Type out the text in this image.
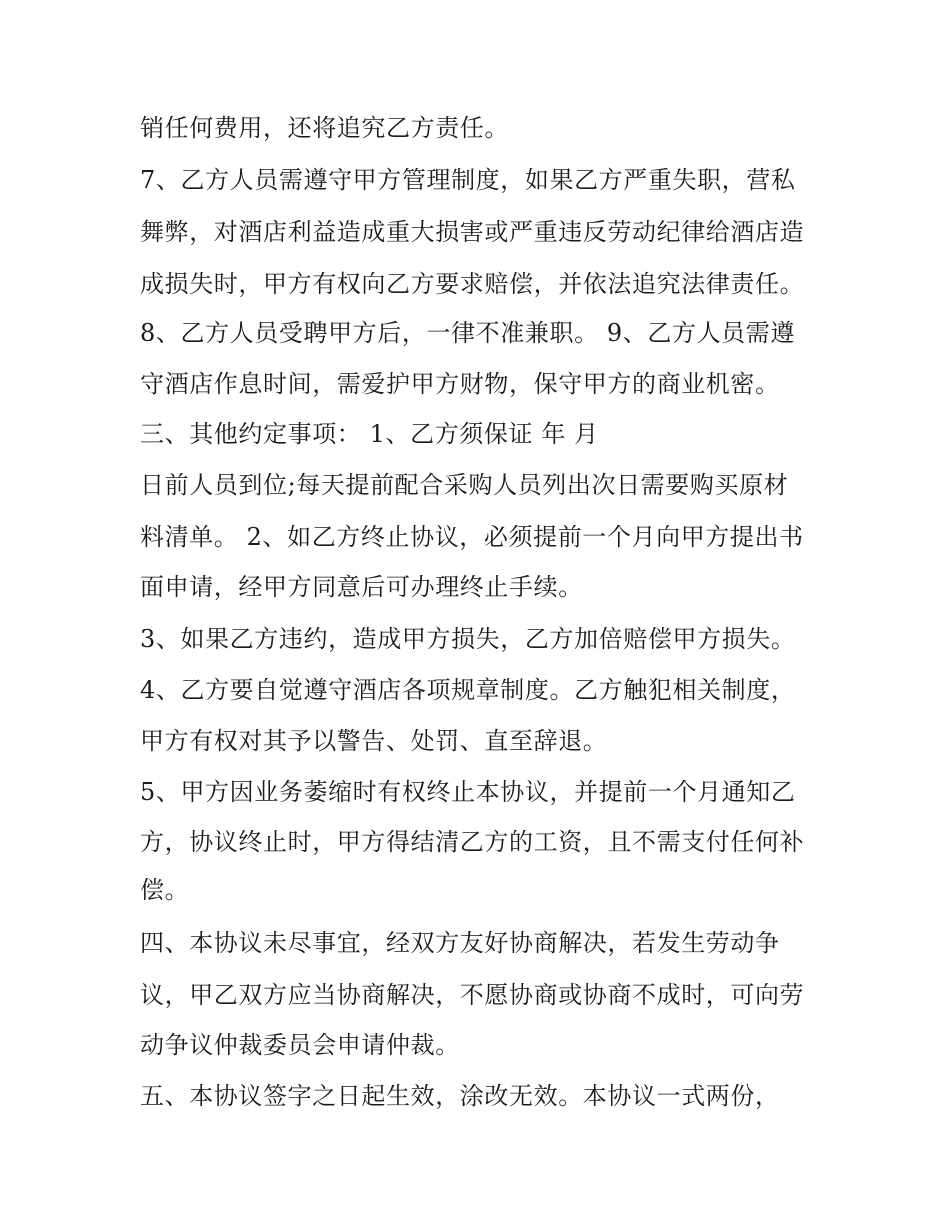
销任何费用，还将追究乙方责任。
7、乙方人员需遵守甲方管理制度，如果乙方严重失职，营私
舞弊，对酒店利益造成重大损害或严重违反劳动纪律给酒店造
成损失时，甲方有权向乙方要求赔偿，并依法追究法律责任。
8、乙方人员受聘甲方后，一律不准兼职。 9、乙方人员需遵
守酒店作息时间，需爱护甲方财物，保守甲方的商业机密。
三、其他约定事项： 1、乙方须保证 年 月
日前人员到位;每天提前配合采购人员列出次日需要购买原材
料清单。 2、如乙方终止协议，必须提前一个月向甲方提出书
面申请，经甲方同意后可办理终止手续。
3、如果乙方违约，造成甲方损失，乙方加倍赔偿甲方损失。
4、乙方要自觉遵守酒店各项规章制度。乙方触犯相关制度，
甲方有权对其予以警告、处罚、直至辞退。
5、甲方因业务萎缩时有权终止本协议，并提前一个月通知乙
方，协议终止时，甲方得结清乙方的工资，且不需支付任何补
偿。
四、本协议未尽事宜，经双方友好协商解决，若发生劳动争
议，甲乙双方应当协商解决，不愿协商或协商不成时，可向劳
动争议仲裁委员会申请仲裁。
五、本协议签字之日起生效，涂改无效。本协议一式两份，
